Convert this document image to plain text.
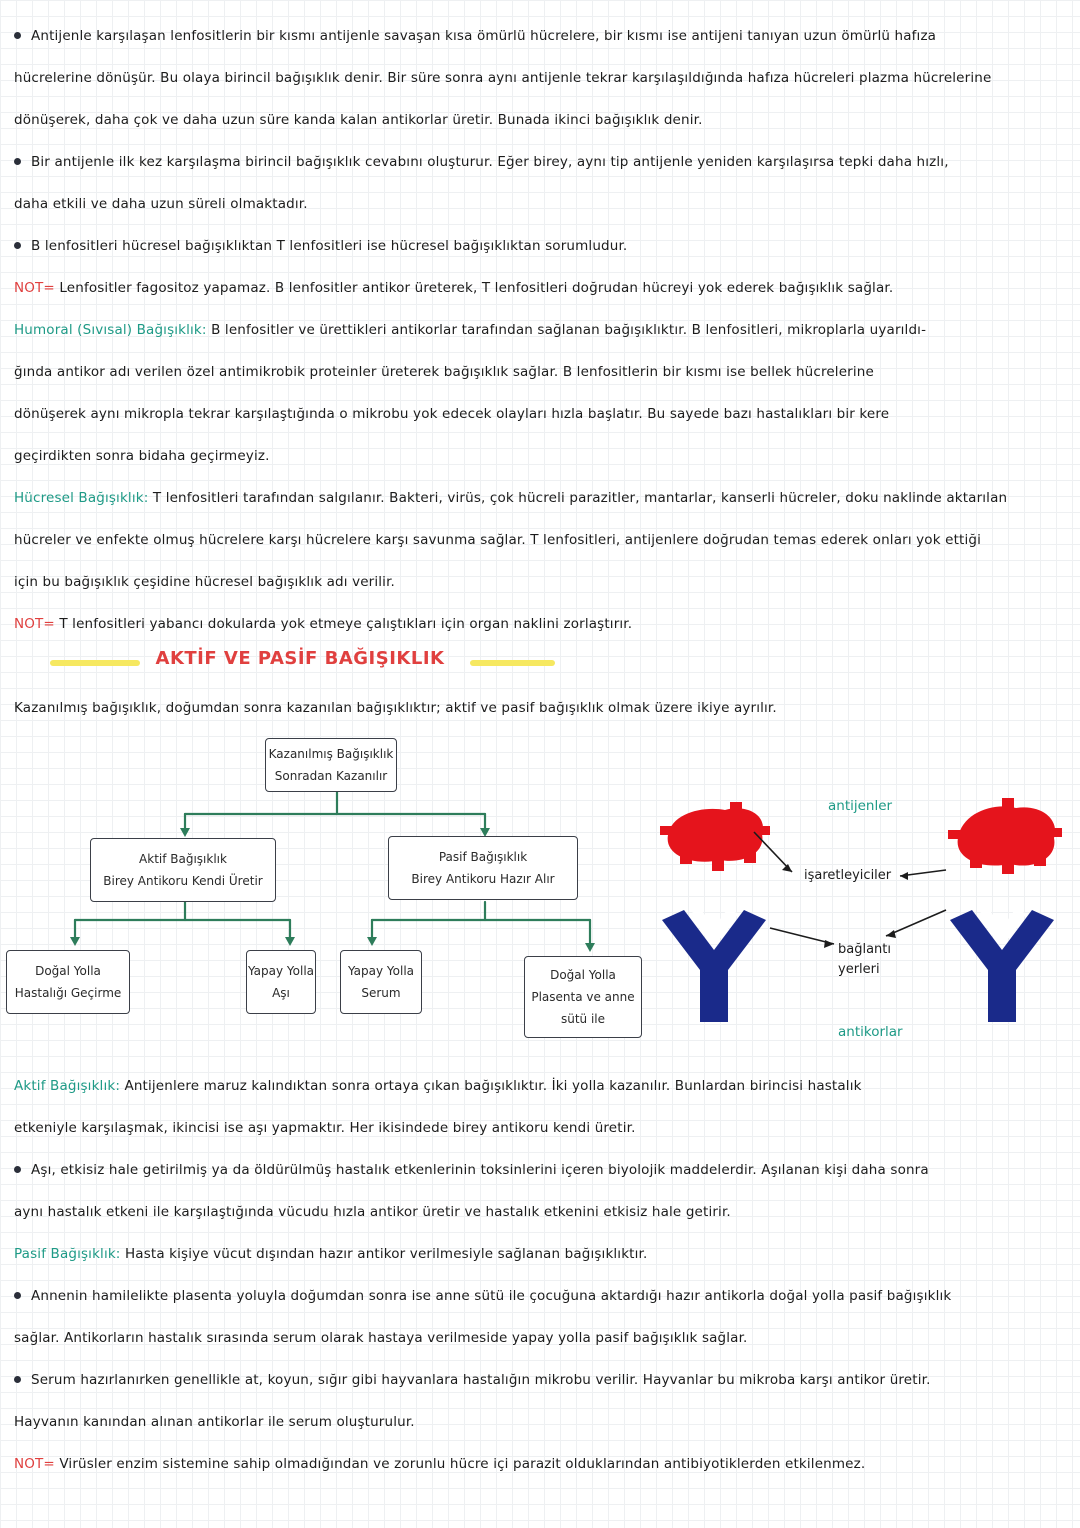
Antijenle karşılaşan lenfositlerin bir kısmı antijenle savaşan kısa ömürlü hücrelere, bir kısmı ise antijeni tanıyan uzun ömürlü hafıza
hücrelerine dönüşür. Bu olaya birincil bağışıklık denir. Bir süre sonra aynı antijenle tekrar karşılaşıldığında hafıza hücreleri plazma hücrelerine
dönüşerek, daha çok ve daha uzun süre kanda kalan antikorlar üretir. Bunada ikinci bağışıklık denir.
Bir antijenle ilk kez karşılaşma birincil bağışıklık cevabını oluşturur. Eğer birey, aynı tip antijenle yeniden karşılaşırsa tepki daha hızlı,
daha etkili ve daha uzun süreli olmaktadır.
B lenfositleri hücresel bağışıklıktan T lenfositleri ise hücresel bağışıklıktan sorumludur.
NOT= Lenfositler fagositoz yapamaz. B lenfositler antikor üreterek, T lenfositleri doğrudan hücreyi yok ederek bağışıklık sağlar.
Humoral (Sıvısal) Bağışıklık: B lenfositler ve ürettikleri antikorlar tarafından sağlanan bağışıklıktır. B lenfositleri, mikroplarla uyarıldı-
ğında antikor adı verilen özel antimikrobik proteinler üreterek bağışıklık sağlar. B lenfositlerin bir kısmı ise bellek hücrelerine
dönüşerek aynı mikropla tekrar karşılaştığında o mikrobu yok edecek olayları hızla başlatır. Bu sayede bazı hastalıkları bir kere
geçirdikten sonra bidaha geçirmeyiz.
Hücresel Bağışıklık: T lenfositleri tarafından salgılanır. Bakteri, virüs, çok hücreli parazitler, mantarlar, kanserli hücreler, doku naklinde aktarılan
hücreler ve enfekte olmuş hücrelere karşı hücrelere karşı savunma sağlar. T lenfositleri, antijenlere doğrudan temas ederek onları yok ettiği
için bu bağışıklık çeşidine hücresel bağışıklık adı verilir.
NOT= T lenfositleri yabancı dokularda yok etmeye çalıştıkları için organ naklini zorlaştırır.
AKTİF VE PASİF BAĞIŞIKLIK
Kazanılmış bağışıklık, doğumdan sonra kazanılan bağışıklıktır; aktif ve pasif bağışıklık olmak üzere ikiye ayrılır.
Kazanılmış Bağışıklık
Sonradan Kazanılır
Aktif Bağışıklık
Birey Antikoru Kendi Üretir
Pasif Bağışıklık
Birey Antikoru Hazır Alır
Doğal Yolla
Hastalığı Geçirme
Yapay Yolla
Aşı
Yapay Yolla
Serum
Doğal Yolla
Plasenta ve anne
sütü ile
antijenler
işaretleyiciler
bağlantı
yerleri
antikorlar
Aktif Bağışıklık: Antijenlere maruz kalındıktan sonra ortaya çıkan bağışıklıktır. İki yolla kazanılır. Bunlardan birincisi hastalık
etkeniyle karşılaşmak, ikincisi ise aşı yapmaktır. Her ikisindede birey antikoru kendi üretir.
Aşı, etkisiz hale getirilmiş ya da öldürülmüş hastalık etkenlerinin toksinlerini içeren biyolojik maddelerdir. Aşılanan kişi daha sonra
aynı hastalık etkeni ile karşılaştığında vücudu hızla antikor üretir ve hastalık etkenini etkisiz hale getirir.
Pasif Bağışıklık: Hasta kişiye vücut dışından hazır antikor verilmesiyle sağlanan bağışıklıktır.
Annenin hamilelikte plasenta yoluyla doğumdan sonra ise anne sütü ile çocuğuna aktardığı hazır antikorla doğal yolla pasif bağışıklık
sağlar. Antikorların hastalık sırasında serum olarak hastaya verilmeside yapay yolla pasif bağışıklık sağlar.
Serum hazırlanırken genellikle at, koyun, sığır gibi hayvanlara hastalığın mikrobu verilir. Hayvanlar bu mikroba karşı antikor üretir.
Hayvanın kanından alınan antikorlar ile serum oluşturulur.
NOT= Virüsler enzim sistemine sahip olmadığından ve zorunlu hücre içi parazit olduklarından antibiyotiklerden etkilenmez.
